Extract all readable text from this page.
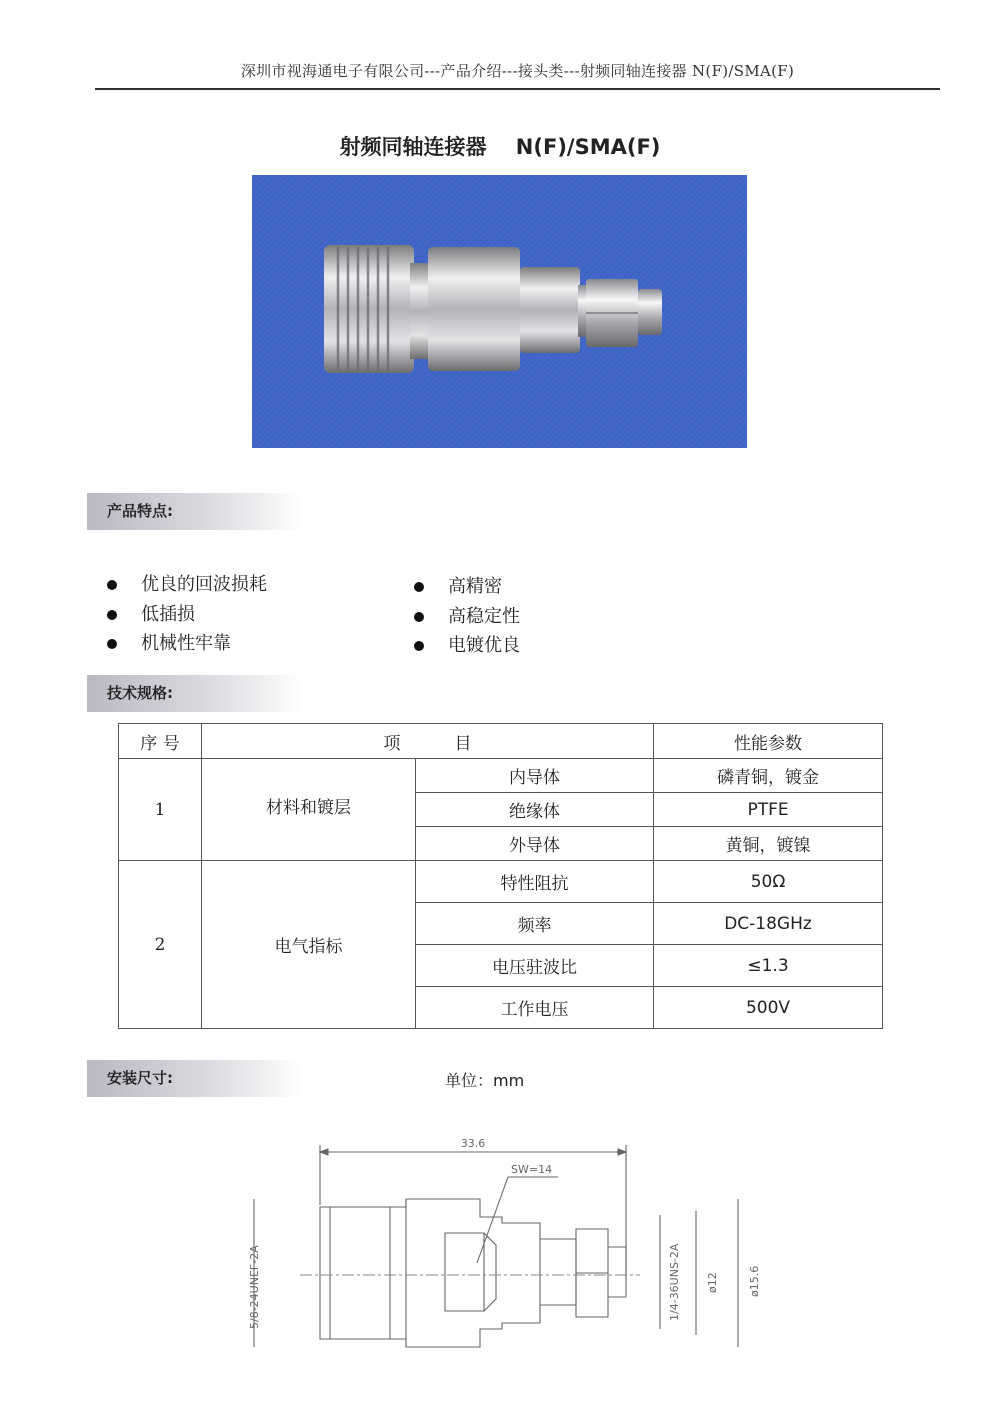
深圳市视海通电子有限公司---产品介绍---接头类---射频同轴连接器 N(F)/SMA(F)
射频同轴连接器    N(F)/SMA(F)
产品特点:
优良的回波损耗
低插损
机械性牢靠
高精密
高稳定性
电镀优良
技术规格:
序 号	项          目		性能参数
1	材料和镀层	内导体	磷青铜，镀金
		绝缘体	PTFE
		外导体	黄铜，镀镍
2	电气指标	特性阻抗	50Ω
		频率	DC-18GHz
		电压驻波比	≤1.3
		工作电压	500V
安装尺寸:	单位：mm
33.6
SW=14
5/8-24UNEF-2A	1/4-36UNS-2A ø12	ø15.6
